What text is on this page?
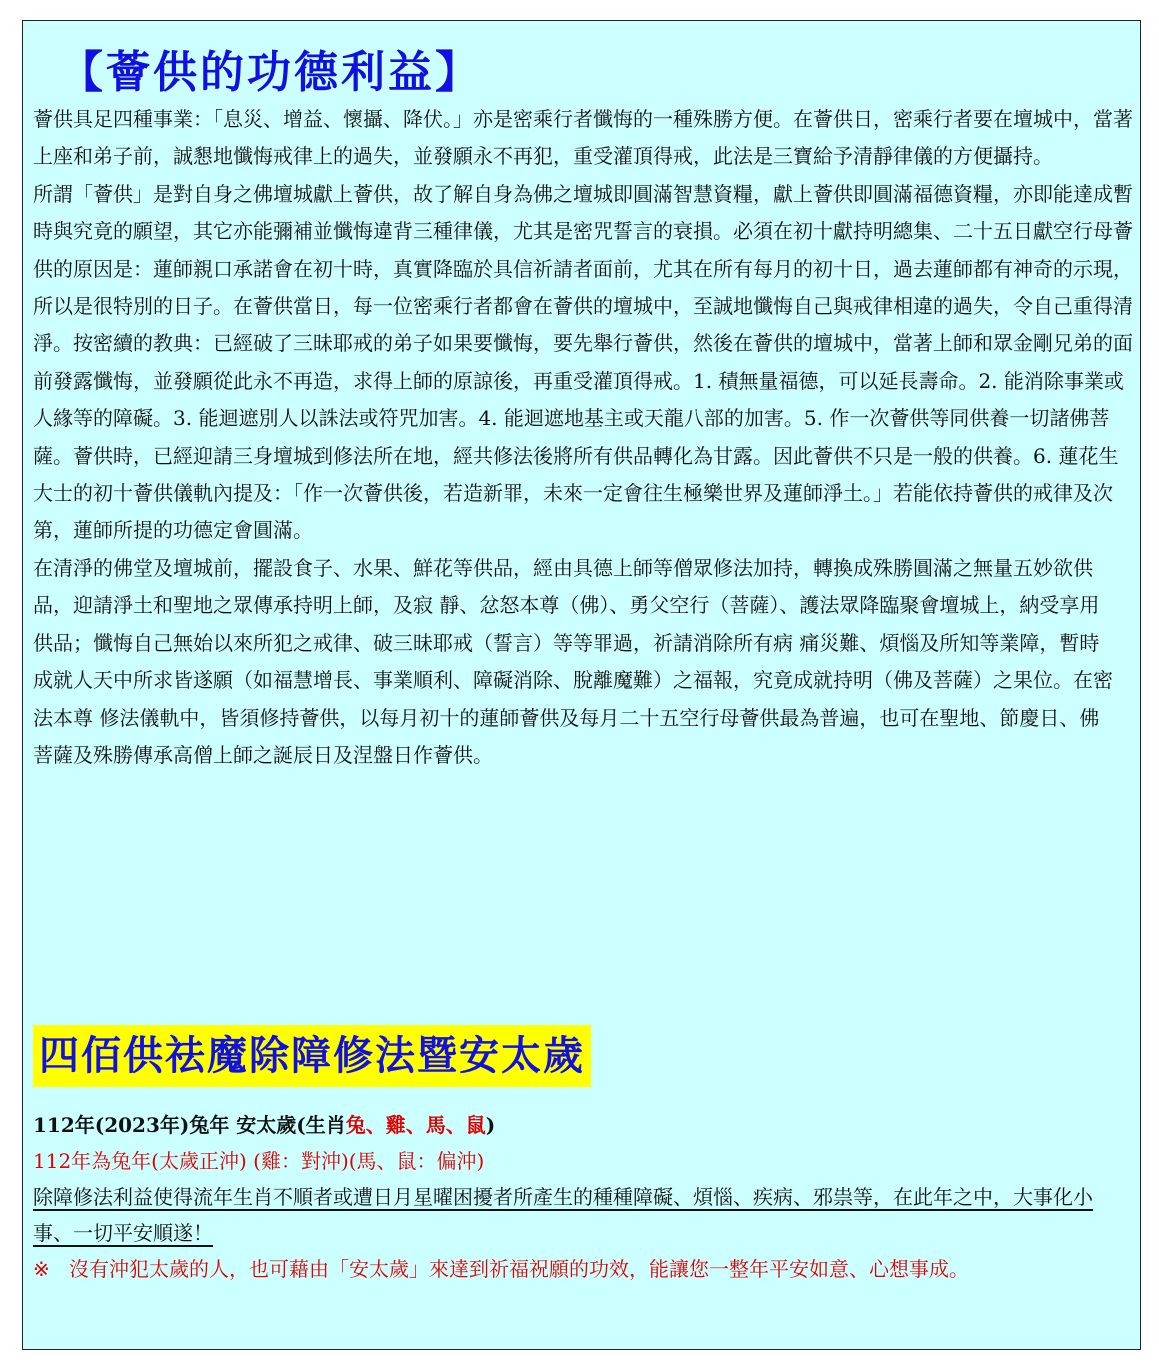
【薈供的功德利益】

薈供具足四種事業：「息災、增益、懷攝、降伏。」亦是密乘行者懺悔的一種殊勝方便。在薈供日，密乘行者要在壇城中，當著上座和弟子前，誠懇地懺悔戒律上的過失，並發願永不再犯，重受灌頂得戒，此法是三寶給予清靜律儀的方便攝持。

所謂「薈供」是對自身之佛壇城獻上薈供，故了解自身為佛之壇城即圓滿智慧資糧，獻上薈供即圓滿福德資糧，亦即能達成暫時與究竟的願望，其它亦能彌補並懺悔違背三種律儀，尤其是密咒誓言的衰損。必須在初十獻持明總集、二十五日獻空行母薈供的原因是：蓮師親口承諾會在初十時，真實降臨於具信祈請者面前，尤其在所有每月的初十日，過去蓮師都有神奇的示現，所以是很特別的日子。在薈供當日，每一位密乘行者都會在薈供的壇城中，至誠地懺悔自己與戒律相違的過失，令自己重得清淨。按密續的教典：已經破了三昧耶戒的弟子如果要懺悔，要先舉行薈供，然後在薈供的壇城中，當著上師和眾金剛兄弟的面前發露懺悔，並發願從此永不再造，求得上師的原諒後，再重受灌頂得戒。1. 積無量福德，可以延長壽命。2. 能消除事業或人緣等的障礙。3. 能迴遮別人以誅法或符咒加害。4. 能迴遮地基主或天龍八部的加害。5. 作一次薈供等同供養一切諸佛菩薩。薈供時，已經迎請三身壇城到修法所在地，經共修法後將所有供品轉化為甘露。因此薈供不只是一般的供養。6. 蓮花生大士的初十薈供儀軌內提及：「作一次薈供後，若造新罪，未來一定會往生極樂世界及蓮師淨土。」若能依持薈供的戒律及次第，蓮師所提的功德定會圓滿。

在清淨的佛堂及壇城前，擺設食子、水果、鮮花等供品，經由具德上師等僧眾修法加持，轉換成殊勝圓滿之無量五妙欲供品，迎請淨土和聖地之眾傳承持明上師，及寂 靜、忿怒本尊（佛）、勇父空行（菩薩）、護法眾降臨聚會壇城上，納受享用供品；懺悔自己無始以來所犯之戒律、破三昧耶戒（誓言）等等罪過，祈請消除所有病 痛災難、煩惱及所知等業障，暫時成就人天中所求皆遂願（如福慧增長、事業順利、障礙消除、脫離魔難）之福報，究竟成就持明（佛及菩薩）之果位。在密法本尊 修法儀軌中，皆須修持薈供，以每月初十的蓮師薈供及每月二十五空行母薈供最為普遍，也可在聖地、節慶日、佛菩薩及殊勝傳承高僧上師之誕辰日及涅盤日作薈供。

四佰供祛魔除障修法暨安太歲

112年(2023年)兔年 安太歲(生肖兔、雞、馬、鼠)

112年為兔年(太歲正沖) (雞：對沖)(馬、鼠：偏沖)

除障修法利益使得流年生肖不順者或遭日月星曜困擾者所產生的種種障礙、煩惱、疾病、邪祟等，在此年之中，大事化小事、一切平安順遂！

※ 沒有沖犯太歲的人，也可藉由「安太歲」來達到祈福祝願的功效，能讓您一整年平安如意、心想事成。
